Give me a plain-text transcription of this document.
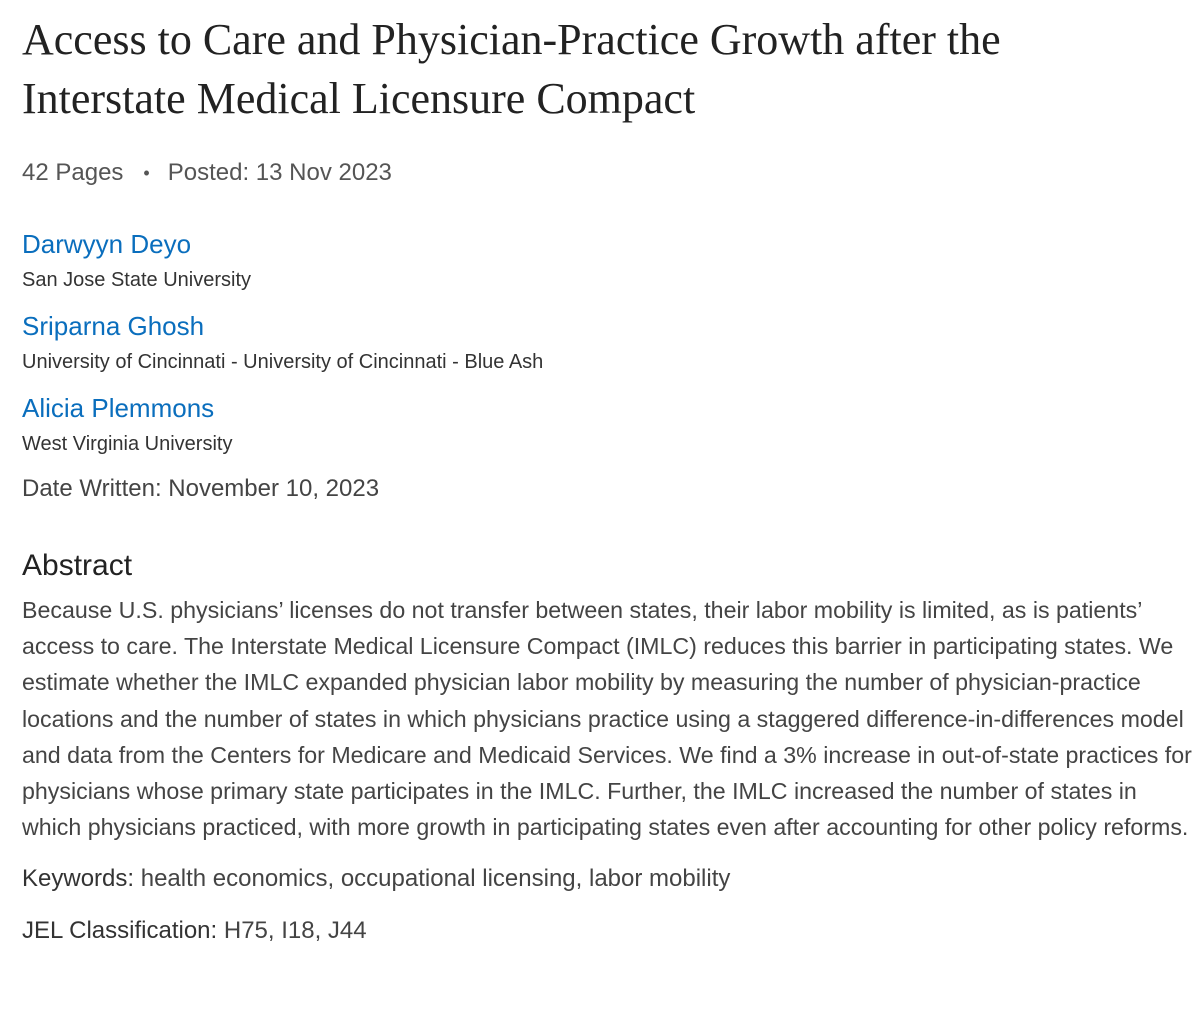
Access to Care and Physician-Practice Growth after the Interstate Medical Licensure Compact
42 Pages • Posted: 13 Nov 2023
Darwyyn Deyo
San Jose State University
Sriparna Ghosh
University of Cincinnati - University of Cincinnati - Blue Ash
Alicia Plemmons
West Virginia University
Date Written: November 10, 2023
Abstract
Because U.S. physicians’ licenses do not transfer between states, their labor mobility is limited, as is patients’ access to care. The Interstate Medical Licensure Compact (IMLC) reduces this barrier in participating states. We estimate whether the IMLC expanded physician labor mobility by measuring the number of physician-practice locations and the number of states in which physicians practice using a staggered difference-in-differences model and data from the Centers for Medicare and Medicaid Services. We find a 3% increase in out-of-state practices for physicians whose primary state participates in the IMLC. Further, the IMLC increased the number of states in which physicians practiced, with more growth in participating states even after accounting for other policy reforms.
Keywords: health economics, occupational licensing, labor mobility
JEL Classification: H75, I18, J44
